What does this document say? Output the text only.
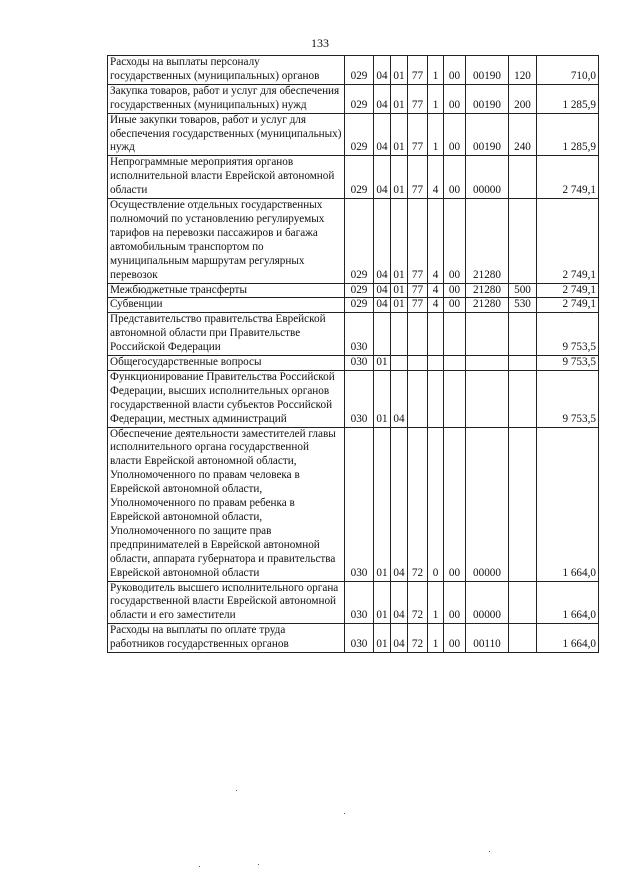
133
Расходы на выплаты персоналу государственных (муниципальных) органов	029	04	01	77	1	00	00190	120	710,0
Закупка товаров, работ и услуг для обеспечения государственных (муниципальных) нужд	029	04	01	77	1	00	00190	200	1 285,9
Иные закупки товаров, работ и услуг для обеспечения государственных (муниципальных) нужд	029	04	01	77	1	00	00190	240	1 285,9
Непрограммные мероприятия органов исполнительной власти Еврейской автономной области	029	04	01	77	4	00	00000		2 749,1
Осуществление отдельных государственных полномочий по установлению регулируемых тарифов на перевозки пассажиров и багажа автомобильным транспортом по муниципальным маршрутам регулярных перевозок	029	04	01	77	4	00	21280		2 749,1
Межбюджетные трансферты	029	04	01	77	4	00	21280	500	2 749,1
Субвенции	029	04	01	77	4	00	21280	530	2 749,1
Представительство правительства Еврейской автономной области при Правительстве Российской Федерации	030								9 753,5
Общегосударственные вопросы	030	01							9 753,5
Функционирование Правительства Российской Федерации, высших исполнительных органов государственной власти субъектов Российской Федерации, местных администраций	030	01	04						9 753,5
Обеспечение деятельности заместителей главы исполнительного органа государственной власти Еврейской автономной области, Уполномоченного по правам человека в Еврейской автономной области, Уполномоченного по правам ребенка в Еврейской автономной области, Уполномоченного по защите прав предпринимателей в Еврейской автономной области, аппарата губернатора и правительства Еврейской автономной области	030	01	04	72	0	00	00000		1 664,0
Руководитель высшего исполнительного органа государственной власти Еврейской автономной области и его заместители	030	01	04	72	1	00	00000		1 664,0
Расходы на выплаты по оплате труда работников государственных органов	030	01	04	72	1	00	00110		1 664,0
